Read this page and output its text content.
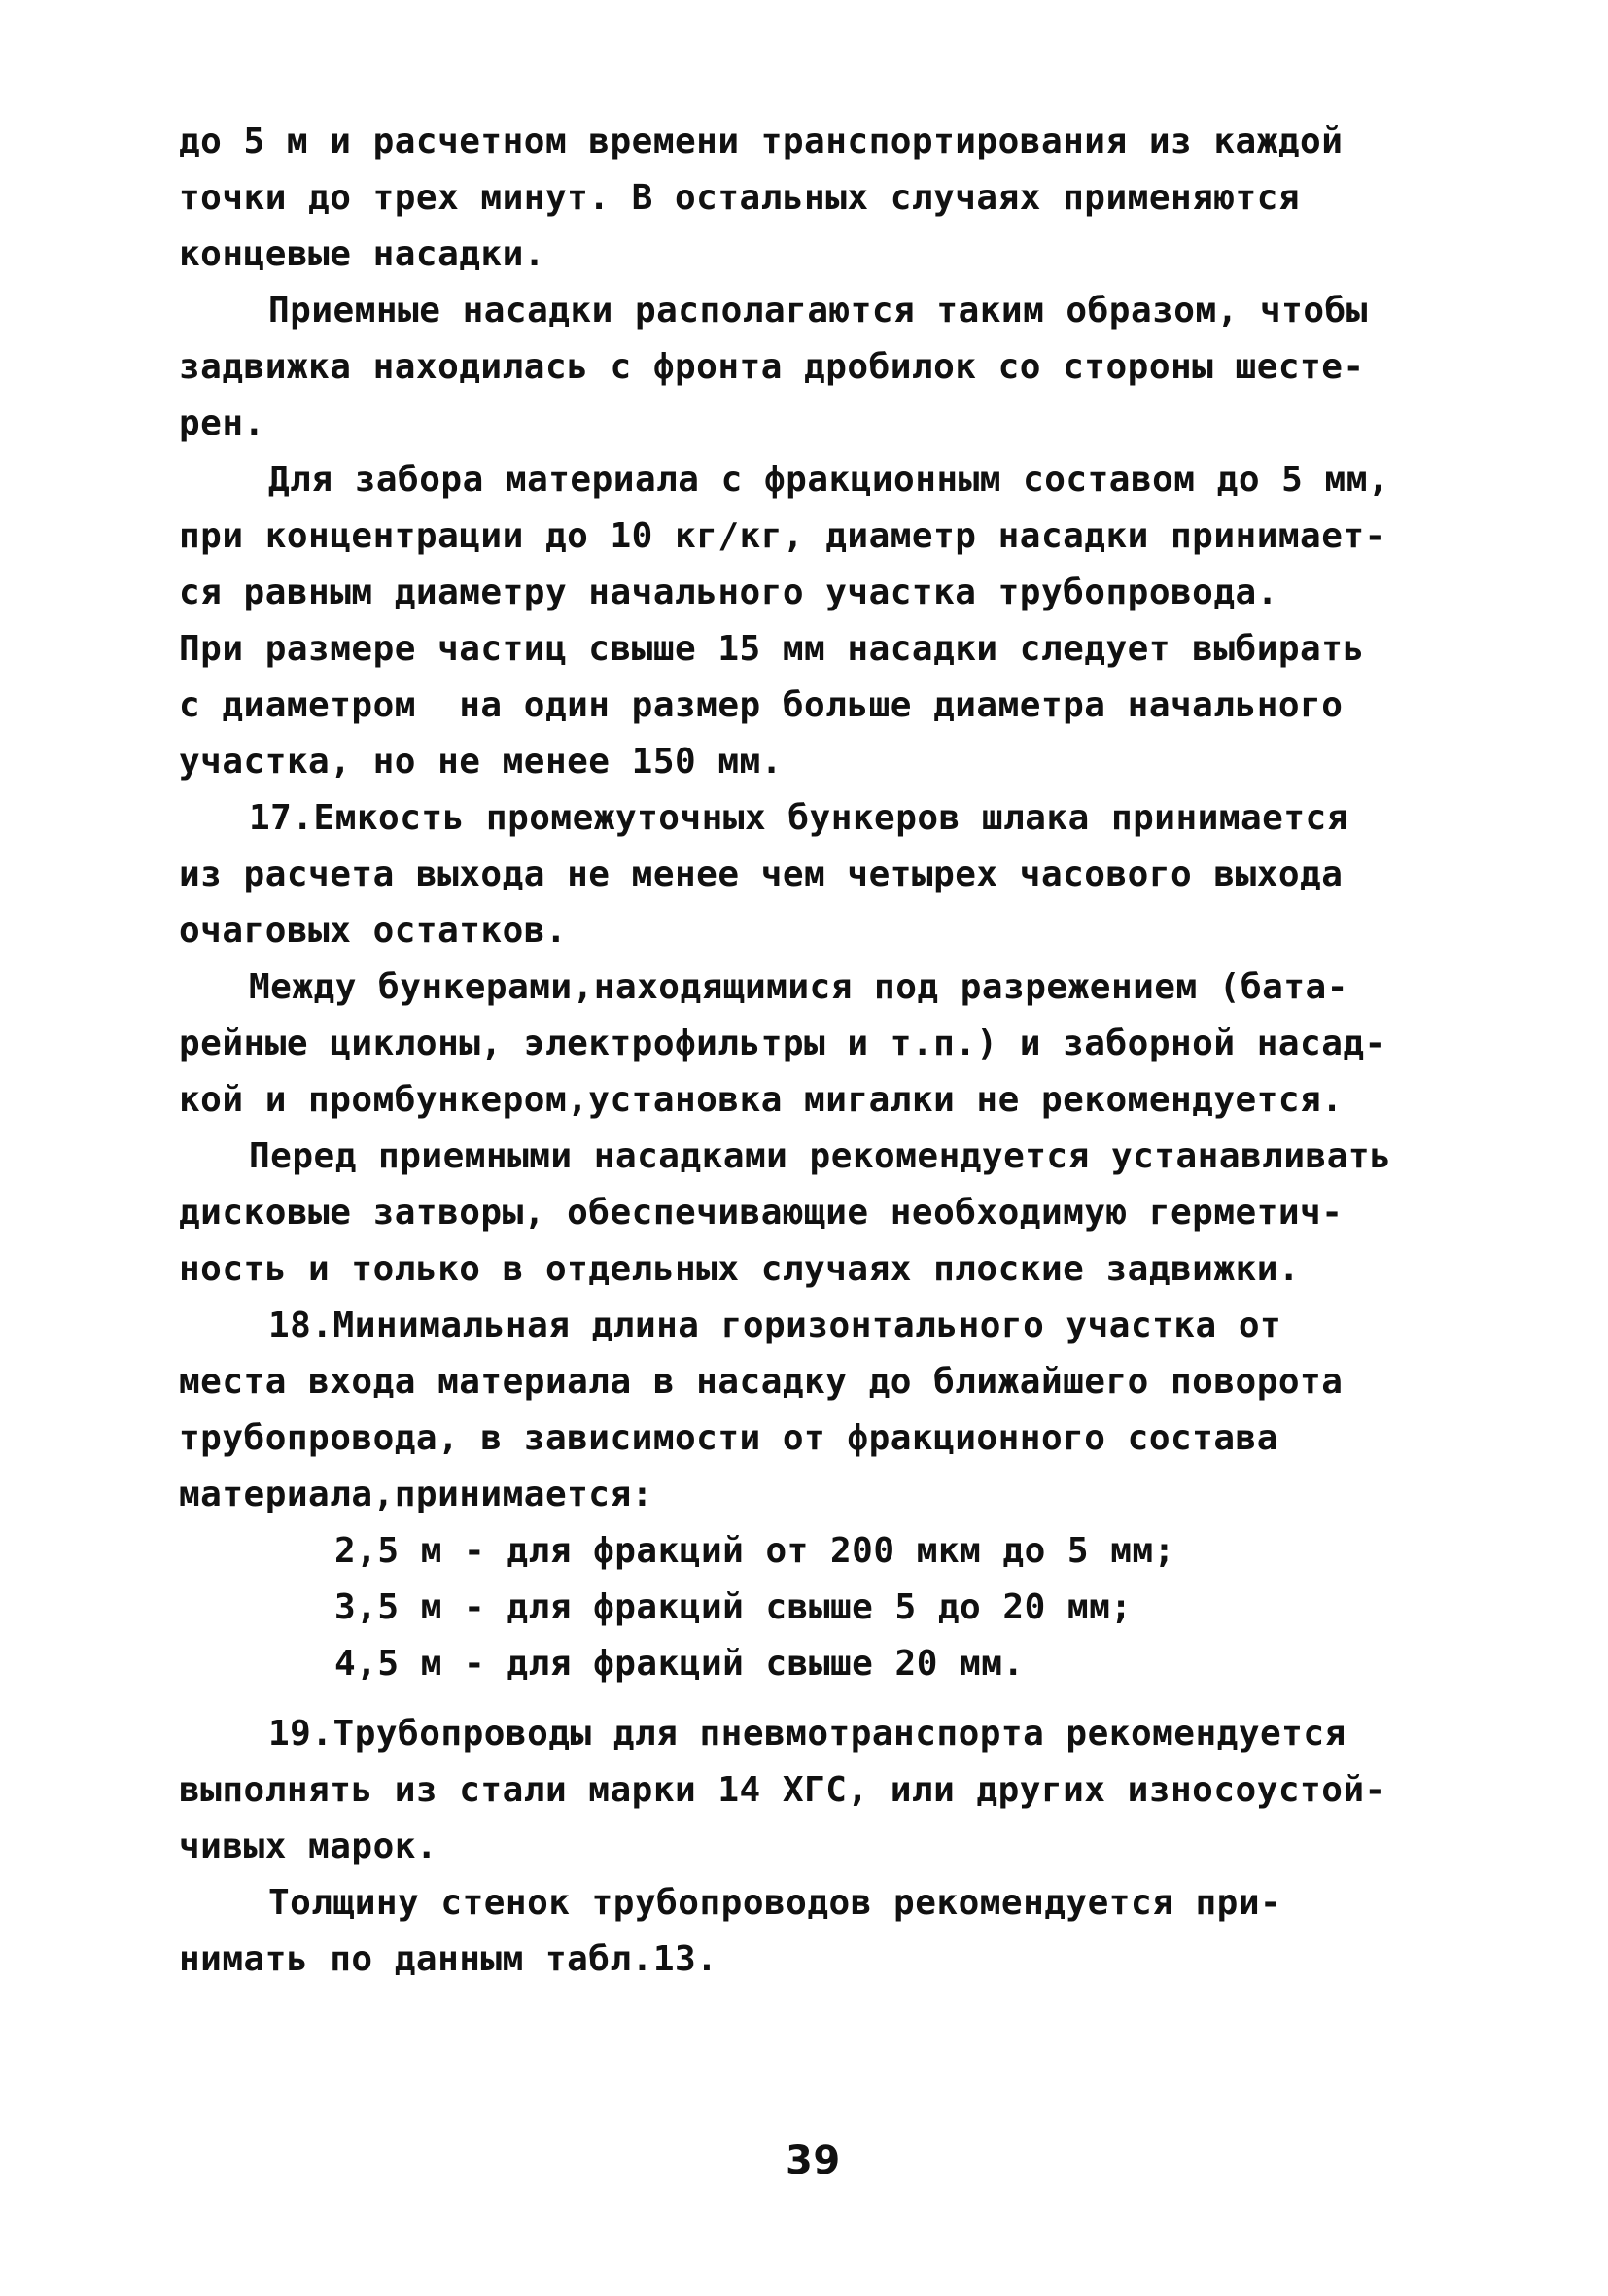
до 5 м и расчетном времени транспортирования из каждой
точки до трех минут. В остальных случаях применяются
концевые насадки.
Приемные насадки располагаются таким образом, чтобы
задвижка находилась с фронта дробилок со стороны шесте-
рен.
Для забора материала с фракционным составом до 5 мм,
при концентрации до 10 кг/кг, диаметр насадки принимает-
ся равным диаметру начального участка трубопровода.
При размере частиц свыше 15 мм насадки следует выбирать
с диаметром  на один размер больше диаметра начального
участка, но не менее 150 мм.
17.Емкость промежуточных бункеров шлака принимается
из расчета выхода не менее чем четырех часового выхода
очаговых остатков.
Между бункерами,находящимися под разрежением (бата-
рейные циклоны, электрофильтры и т.п.) и заборной насад-
кой и промбункером,установка мигалки не рекомендуется.
Перед приемными насадками рекомендуется устанавливать
дисковые затворы, обеспечивающие необходимую герметич-
ность и только в отдельных случаях плоские задвижки.
18.Минимальная длина горизонтального участка от
места входа материала в насадку до ближайшего поворота
трубопровода, в зависимости от фракционного состава
материала,принимается:
2,5 м - для фракций от 200 мкм до 5 мм;
3,5 м - для фракций свыше 5 до 20 мм;
4,5 м - для фракций свыше 20 мм.
19.Трубопроводы для пневмотранспорта рекомендуется
выполнять из стали марки 14 ХГС, или других износоустой-
чивых марок.
Толщину стенок трубопроводов рекомендуется при-
нимать по данным табл.13.
39
